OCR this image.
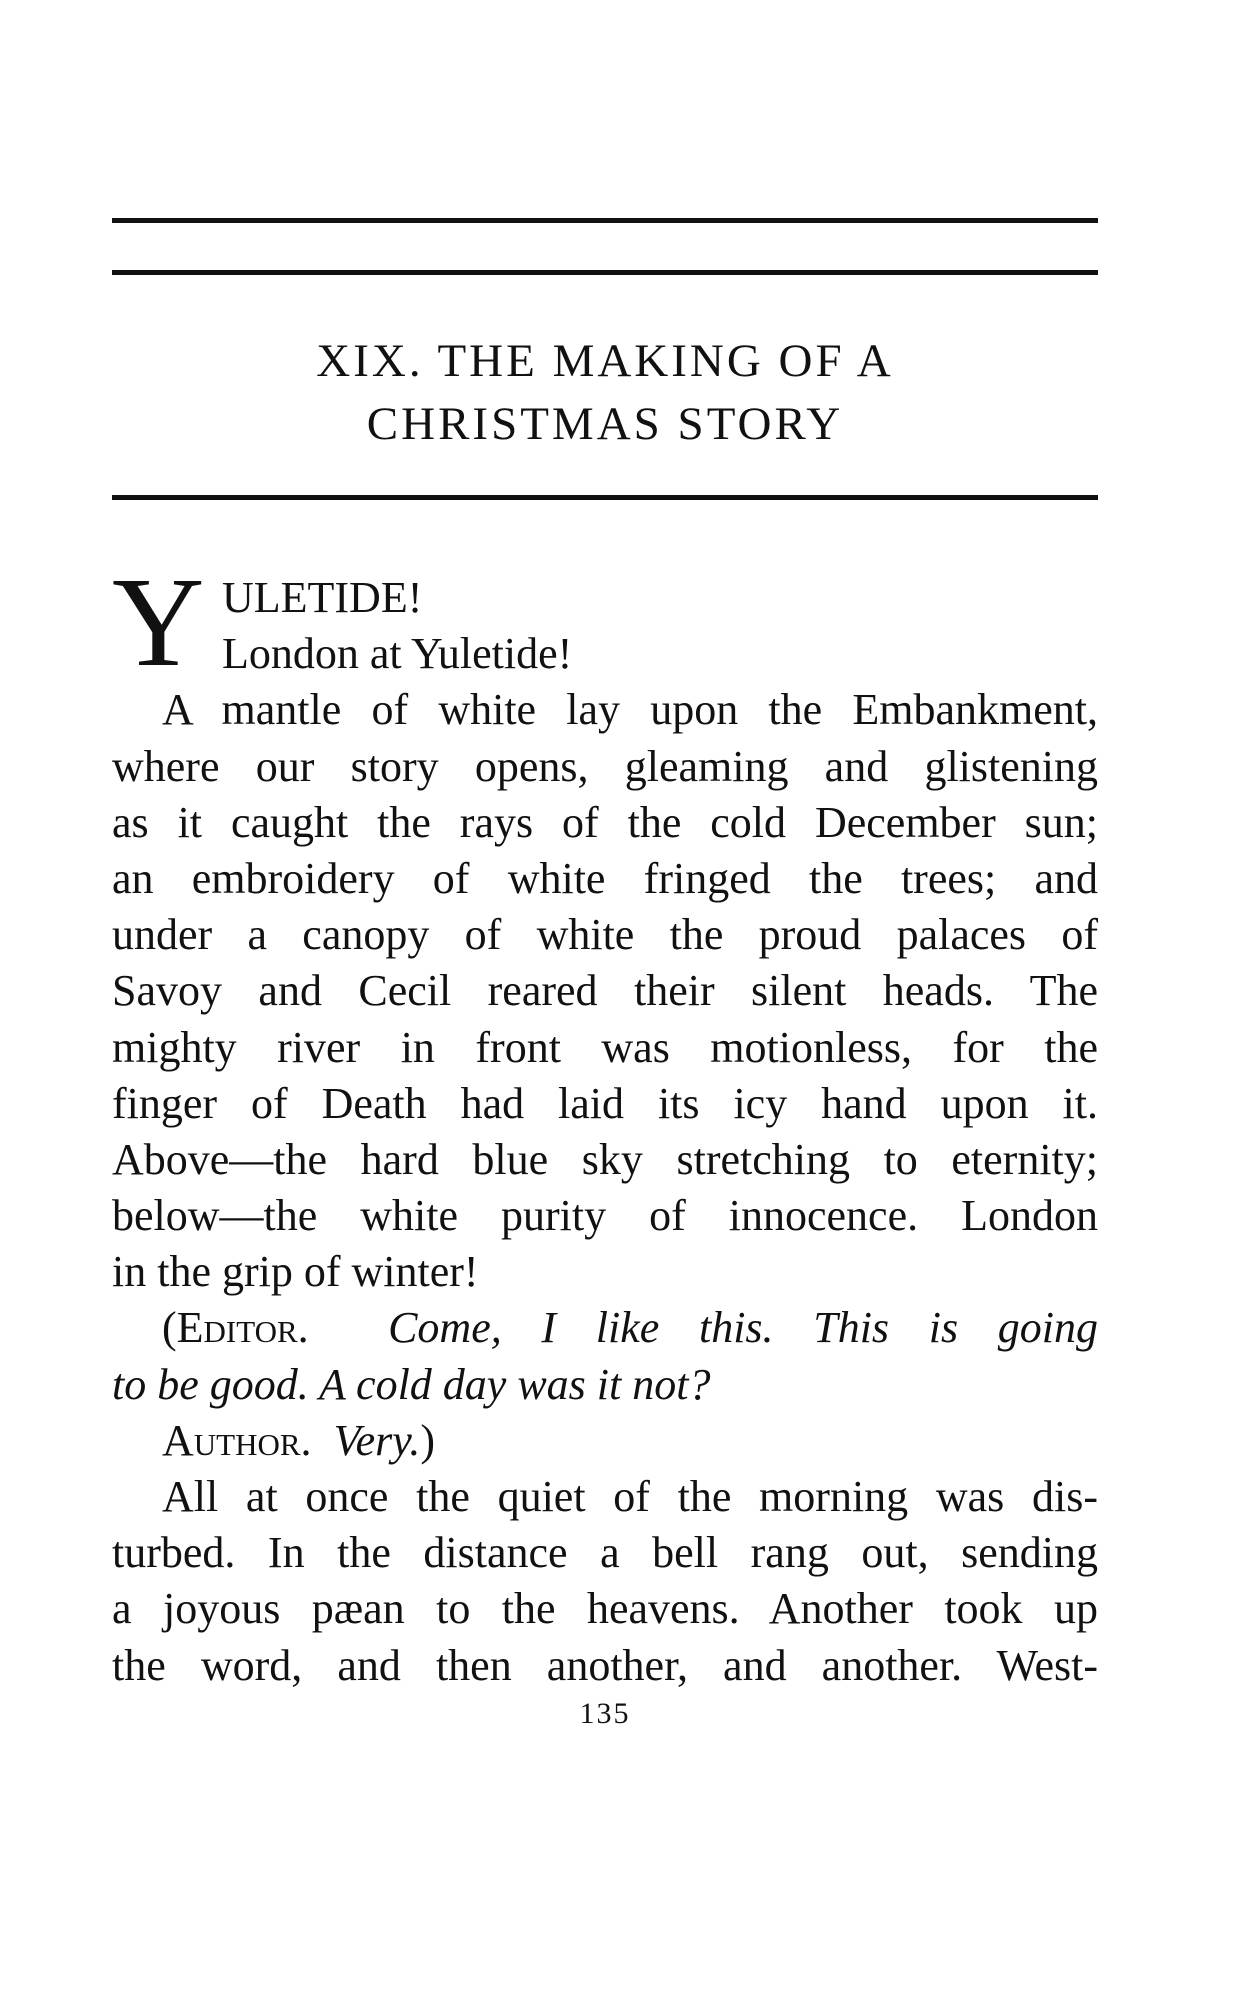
XIX. THE MAKING OF A
CHRISTMAS STORY
Y ULETIDE!
London at Yuletide!
A mantle of white lay upon the Embankment,
where our story opens, gleaming and glistening
as it caught the rays of the cold December sun;
an embroidery of white fringed the trees; and
under a canopy of white the proud palaces of
Savoy and Cecil reared their silent heads. The
mighty river in front was motionless, for the
finger of Death had laid its icy hand upon it.
Above—the hard blue sky stretching to eternity;
below—the white purity of innocence. London
in the grip of winter!
(Editor. Come, I like this. This is going
to be good. A cold day was it not?
Author. Very.)
All at once the quiet of the morning was dis-
turbed. In the distance a bell rang out, sending
a joyous pæan to the heavens. Another took up
the word, and then another, and another. West-
135
